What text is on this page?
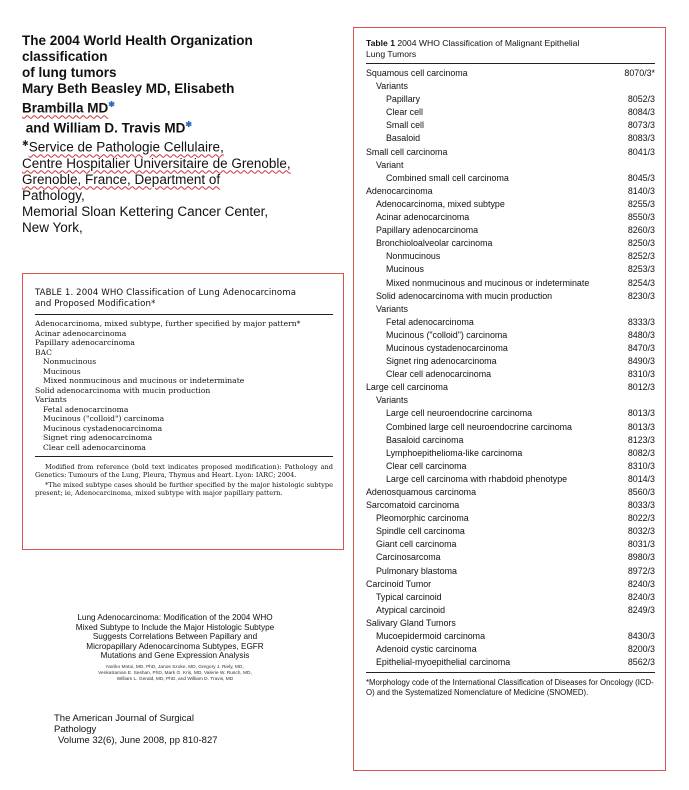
The 2004 World Health Organization
classification
of lung tumors
Mary Beth Beasley MD, Elisabeth
Brambilla MD✱
and William D. Travis MD✱
✱Service de Pathologie Cellulaire,
Centre Hospitalier Universitaire de Grenoble,
Grenoble, France, Department of
Pathology,
Memorial Sloan Kettering Cancer Center,
New York,
TABLE 1. 2004 WHO Classification of Lung Adenocarcinoma
and Proposed Modification*
Adenocarcinoma, mixed subtype, further specified by major pattern*
Acinar adenocarcinoma
Papillary adenocarcinoma
BAC
Nonmucinous
Mucinous
Mixed nonmucinous and mucinous or indeterminate
Solid adenocarcinoma with mucin production
Variants
Fetal adenocarcinoma
Mucinous ("colloid") carcinoma
Mucinous cystadenocarcinoma
Signet ring adenocarcinoma
Clear cell adenocarcinoma

Modified from reference (bold text indicates proposed modification): Pathology and Genetics: Tumours of the Lung, Pleura, Thymus and Heart. Lyon: IARC; 2004.

*The mixed subtype cases should be further specified by the major histologic subtype present; ie, Adenocarcinoma, mixed subtype with major papillary pattern.

Lung Adenocarcinoma: Modification of the 2004 WHO
Mixed Subtype to Include the Major Histologic Subtype
Suggests Correlations Between Papillary and
Micropapillary Adenocarcinoma Subtypes, EGFR
Mutations and Gene Expression Analysis
Noriko Motoi, MD, PhD, Janos Szoke, MD, Gregory J. Riely, MD,
Venkatraman E. Seshan, PhD, Mark G. Kris, MD, Valerie W. Rusch, MD,
William L. Gerald, MD, PhD, and William D. Travis, MD
The American Journal of Surgical
Pathology
Volume 32(6), June 2008, pp 810-827
Table 1 2004 WHO Classification of Malignant Epithelial
Lung Tumors
Squamous cell carcinoma	8070/3*
Variants
Papillary	8052/3
Clear cell	8084/3
Small cell	8073/3
Basaloid	8083/3
Small cell carcinoma	8041/3
Variant
Combined small cell carcinoma	8045/3
Adenocarcinoma	8140/3
Adenocarcinoma, mixed subtype	8255/3
Acinar adenocarcinoma	8550/3
Papillary adenocarcinoma	8260/3
Bronchioloalveolar carcinoma	8250/3
Nonmucinous	8252/3
Mucinous	8253/3
Mixed nonmucinous and mucinous or indeterminate	8254/3
Solid adenocarcinoma with mucin production	8230/3
Variants
Fetal adenocarcinoma	8333/3
Mucinous ("colloid") carcinoma	8480/3
Mucinous cystadenocarcinoma	8470/3
Signet ring adenocarcinoma	8490/3
Clear cell adenocarcinoma	8310/3
Large cell carcinoma	8012/3
Variants
Large cell neuroendocrine carcinoma	8013/3
Combined large cell neuroendocrine carcinoma	8013/3
Basaloid carcinoma	8123/3
Lymphoepithelioma-like carcinoma	8082/3
Clear cell carcinoma	8310/3
Large cell carcinoma with rhabdoid phenotype	8014/3
Adenosquamous carcinoma	8560/3
Sarcomatoid carcinoma	8033/3
Pleomorphic carcinoma	8022/3
Spindle cell carcinoma	8032/3
Giant cell carcinoma	8031/3
Carcinosarcoma	8980/3
Pulmonary blastoma	8972/3
Carcinoid Tumor	8240/3
Typical carcinoid	8240/3
Atypical carcinoid	8249/3
Salivary Gland Tumors
Mucoepidermoid carcinoma	8430/3
Adenoid cystic carcinoma	8200/3
Epithelial-myoepithelial carcinoma	8562/3
*Morphology code of the International Classification of Diseases for Oncology (ICD-O) and the Systematized Nomenclature of Medicine (SNOMED).
